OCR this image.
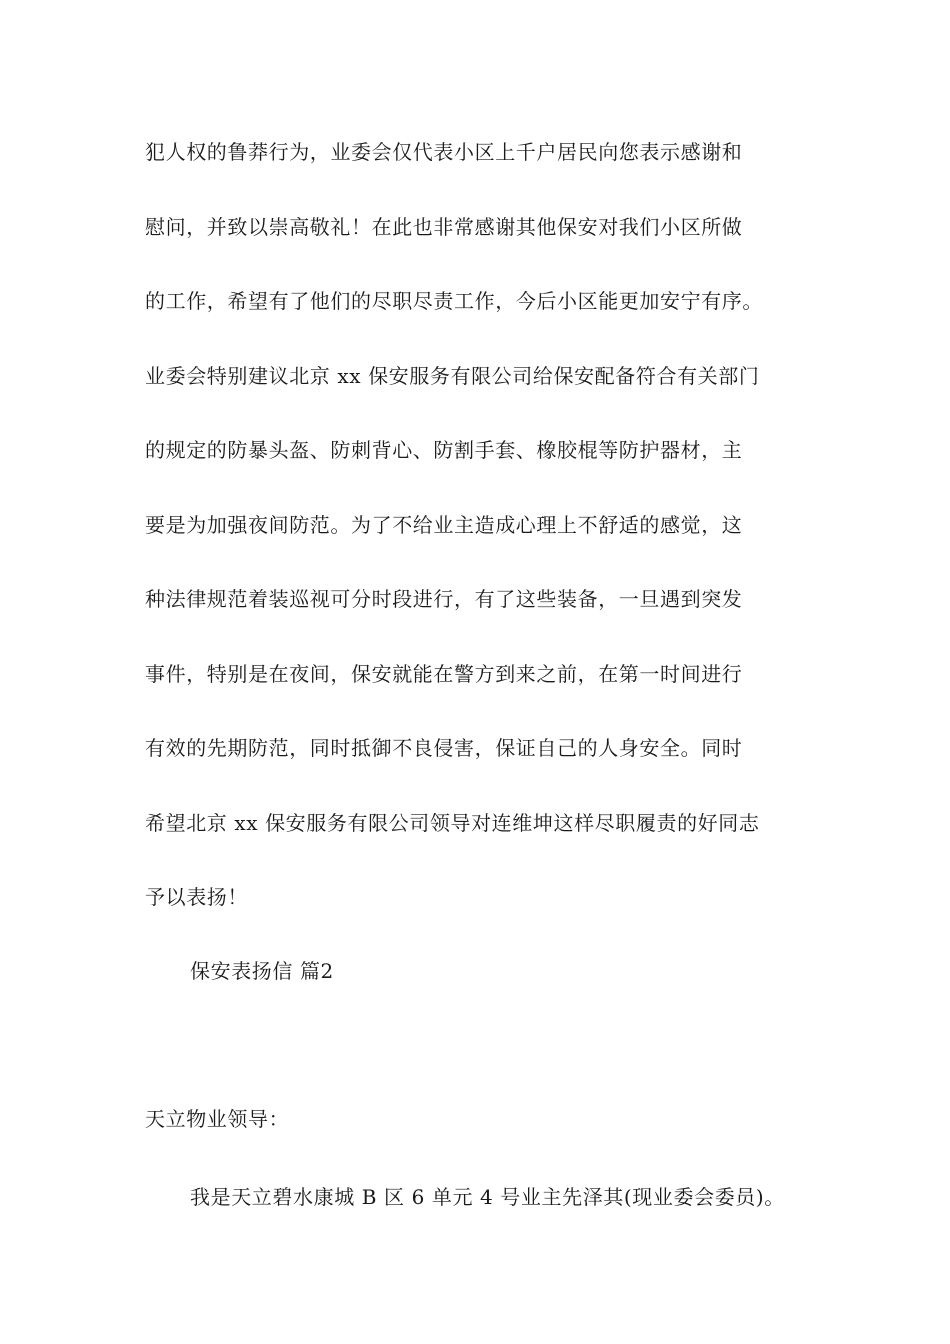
犯人权的鲁莽行为，业委会仅代表小区上千户居民向您表示感谢和
慰问，并致以崇高敬礼！在此也非常感谢其他保安对我们小区所做
的工作，希望有了他们的尽职尽责工作，今后小区能更加安宁有序。
业委会特别建议北京 xx 保安服务有限公司给保安配备符合有关部门
的规定的防暴头盔、防刺背心、防割手套、橡胶棍等防护器材，主
要是为加强夜间防范。为了不给业主造成心理上不舒适的感觉，这
种法律规范着装巡视可分时段进行，有了这些装备，一旦遇到突发
事件，特别是在夜间，保安就能在警方到来之前，在第一时间进行
有效的先期防范，同时抵御不良侵害，保证自己的人身安全。同时
希望北京 xx 保安服务有限公司领导对连维坤这样尽职履责的好同志
予以表扬！
保安表扬信 篇2
天立物业领导：
我是天立碧水康城 B 区 6 单元 4 号业主先泽其(现业委会委员)。
